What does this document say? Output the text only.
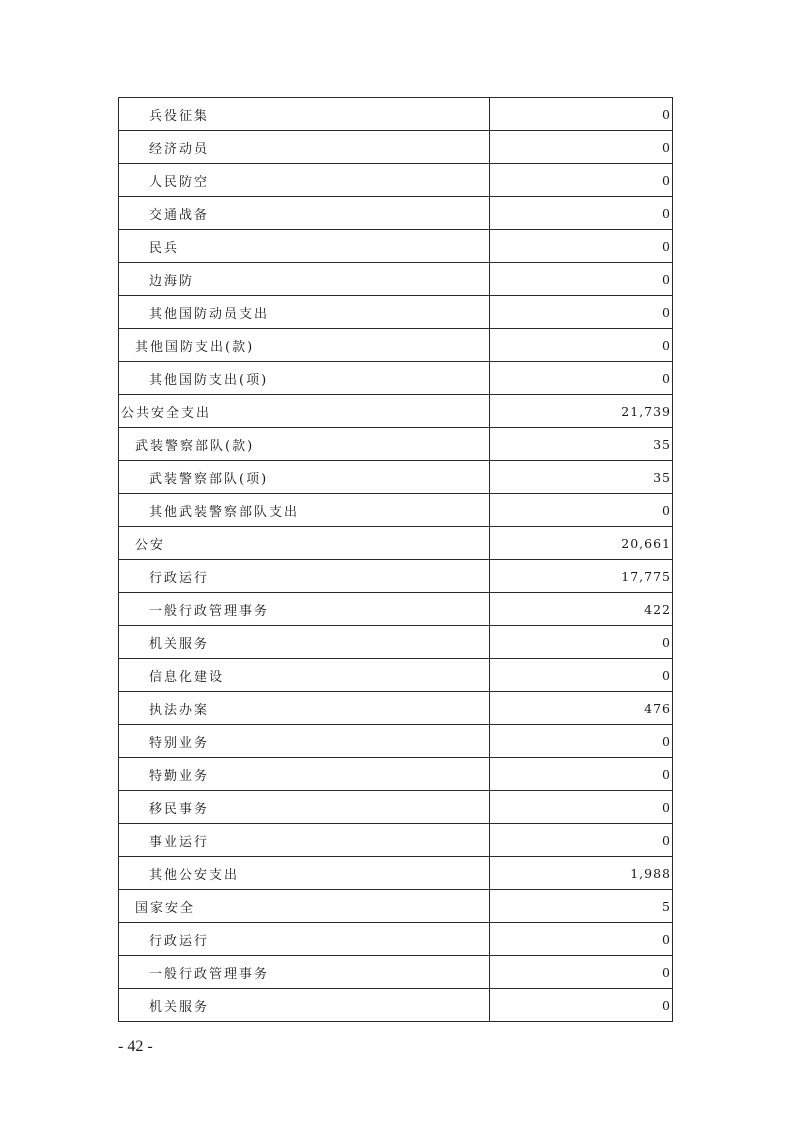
兵役征集	0
经济动员	0
人民防空	0
交通战备	0
民兵	0
边海防	0
其他国防动员支出	0
其他国防支出(款)	0
其他国防支出(项)	0
公共安全支出	21,739
武装警察部队(款)	35
武装警察部队(项)	35
其他武装警察部队支出	0
公安	20,661
行政运行	17,775
一般行政管理事务	422
机关服务	0
信息化建设	0
执法办案	476
特别业务	0
特勤业务	0
移民事务	0
事业运行	0
其他公安支出	1,988
国家安全	5
行政运行	0
一般行政管理事务	0
机关服务	0
- 42 -
